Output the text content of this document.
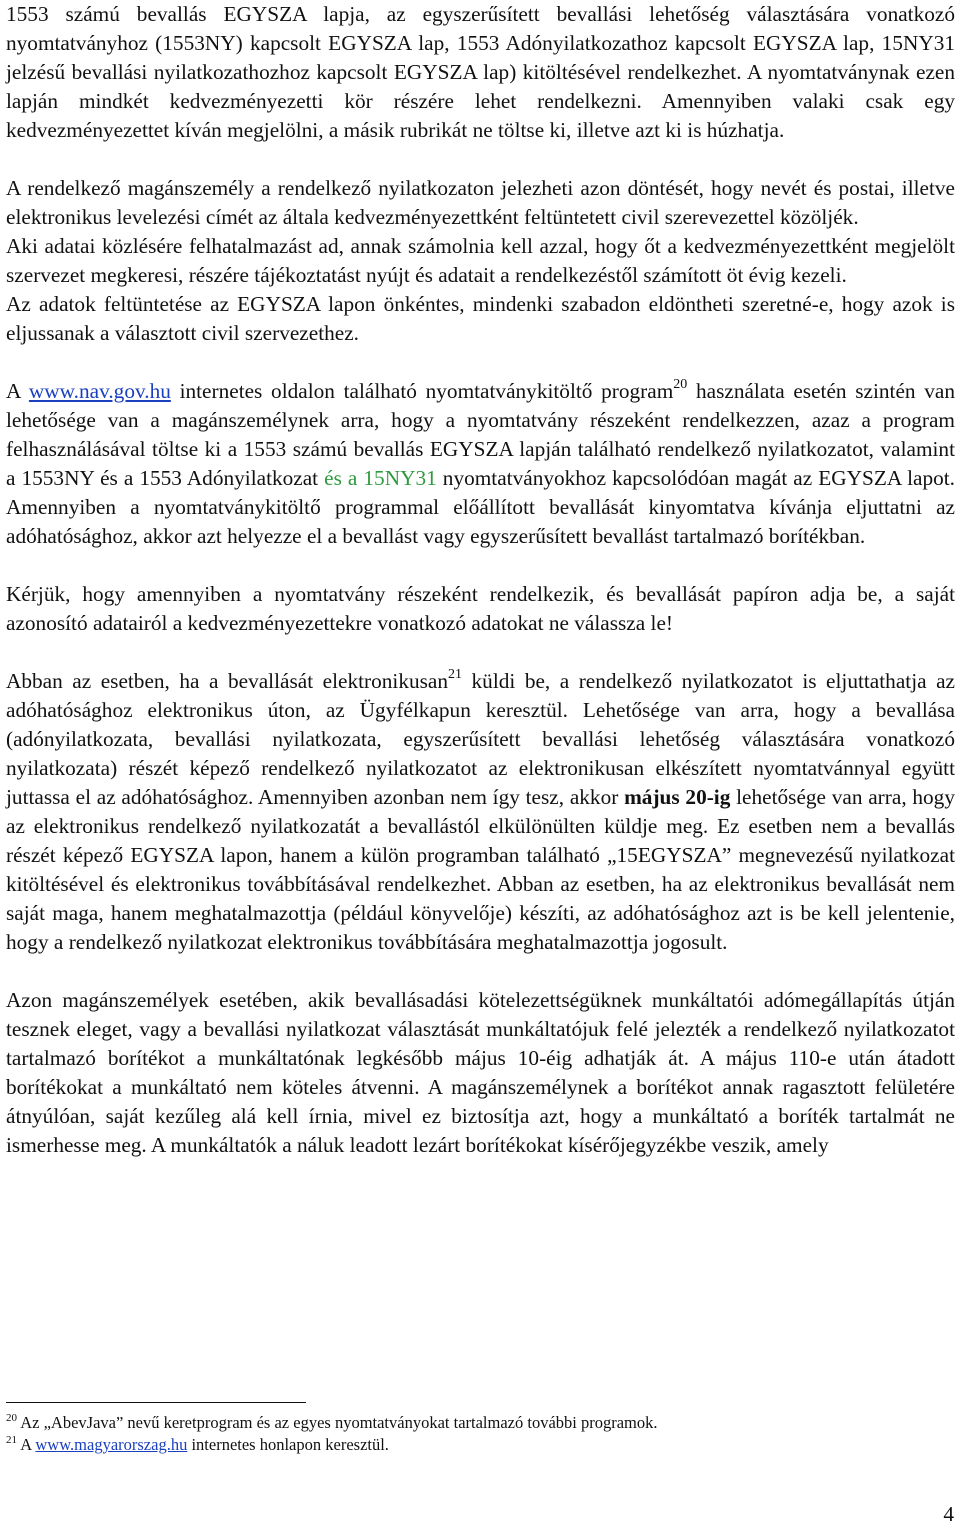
1553 számú bevallás EGYSZA lapja, az egyszerűsített bevallási lehetőség választására vonatkozó nyomtatványhoz (1553NY) kapcsolt EGYSZA lap, 1553 Adónyilatkozathoz kapcsolt EGYSZA lap, 15NY31 jelzésű bevallási nyilatkozathozhoz kapcsolt EGYSZA lap) kitöltésével rendelkezhet. A nyomtatványnak ezen lapján mindkét kedvezményezetti kör részére lehet rendelkezni. Amennyiben valaki csak egy kedvezményezettet kíván megjelölni, a másik rubrikát ne töltse ki, illetve azt ki is húzhatja.

A rendelkező magánszemély a rendelkező nyilatkozaton jelezheti azon döntését, hogy nevét és postai, illetve elektronikus levelezési címét az általa kedvezményezettként feltüntetett civil szerevezettel közöljék.

Aki adatai közlésére felhatalmazást ad, annak számolnia kell azzal, hogy őt a kedvezményezettként megjelölt szervezet megkeresi, részére tájékoztatást nyújt és adatait a rendelkezéstől számított öt évig kezeli.

Az adatok feltüntetése az EGYSZA lapon önkéntes, mindenki szabadon eldöntheti szeretné-e, hogy azok is eljussanak a választott civil szervezethez.

A www.nav.gov.hu internetes oldalon található nyomtatványkitöltő program$^{20}$ használata esetén szintén van lehetősége van a magánszemélynek arra, hogy a nyomtatvány részeként rendelkezzen, azaz a program felhasználásával töltse ki a 1553 számú bevallás EGYSZA lapján található rendelkező nyilatkozatot, valamint a 1553NY és a 1553 Adónyilatkozat és a 15NY31 nyomtatványokhoz kapcsolódóan magát az EGYSZA lapot. Amennyiben a nyomtatványkitöltő programmal előállított bevallását kinyomtatva kívánja eljuttatni az adóhatósághoz, akkor azt helyezze el a bevallást vagy egyszerűsített bevallást tartalmazó borítékban.

Kérjük, hogy amennyiben a nyomtatvány részeként rendelkezik, és bevallását papíron adja be, a saját azonosító adatairól a kedvezményezettekre vonatkozó adatokat ne válassza le!

Abban az esetben, ha a bevallását elektronikusan$^{21}$ küldi be, a rendelkező nyilatkozatot is eljuttathatja az adóhatósághoz elektronikus úton, az Ügyfélkapun keresztül. Lehetősége van arra, hogy a bevallása (adónyilatkozata, bevallási nyilatkozata, egyszerűsített bevallási lehetőség választására vonatkozó nyilatkozata) részét képező rendelkező nyilatkozatot az elektronikusan elkészített nyomtatvánnyal együtt juttassa el az adóhatósághoz. Amennyiben azonban nem így tesz, akkor május 20-ig lehetősége van arra, hogy az elektronikus rendelkező nyilatkozatát a bevallástól elkülönülten küldje meg. Ez esetben nem a bevallás részét képező EGYSZA lapon, hanem a külön programban található „15EGYSZA” megnevezésű nyilatkozat kitöltésével és elektronikus továbbításával rendelkezhet. Abban az esetben, ha az elektronikus bevallását nem saját maga, hanem meghatalmazottja (például könyvelője) készíti, az adóhatósághoz azt is be kell jelentenie, hogy a rendelkező nyilatkozat elektronikus továbbítására meghatalmazottja jogosult.

Azon magánszemélyek esetében, akik bevallásadási kötelezettségüknek munkáltatói adómegállapítás útján tesznek eleget, vagy a bevallási nyilatkozat választását munkáltatójuk felé jelezték a rendelkező nyilatkozatot tartalmazó borítékot a munkáltatónak legkésőbb május 10-éig adhatják át. A május 110-e után átadott borítékokat a munkáltató nem köteles átvenni. A magánszemélynek a borítékot annak ragasztott felületére átnyúlóan, saját kezűleg alá kell írnia, mivel ez biztosítja azt, hogy a munkáltató a boríték tartalmát ne ismerhesse meg. A munkáltatók a náluk leadott lezárt borítékokat kísérőjegyzékbe veszik, amely

$^{20}$ Az „AbevJava” nevű keretprogram és az egyes nyomtatványokat tartalmazó további programok.
$^{21}$ A www.magyarorszag.hu internetes honlapon keresztül.
4
